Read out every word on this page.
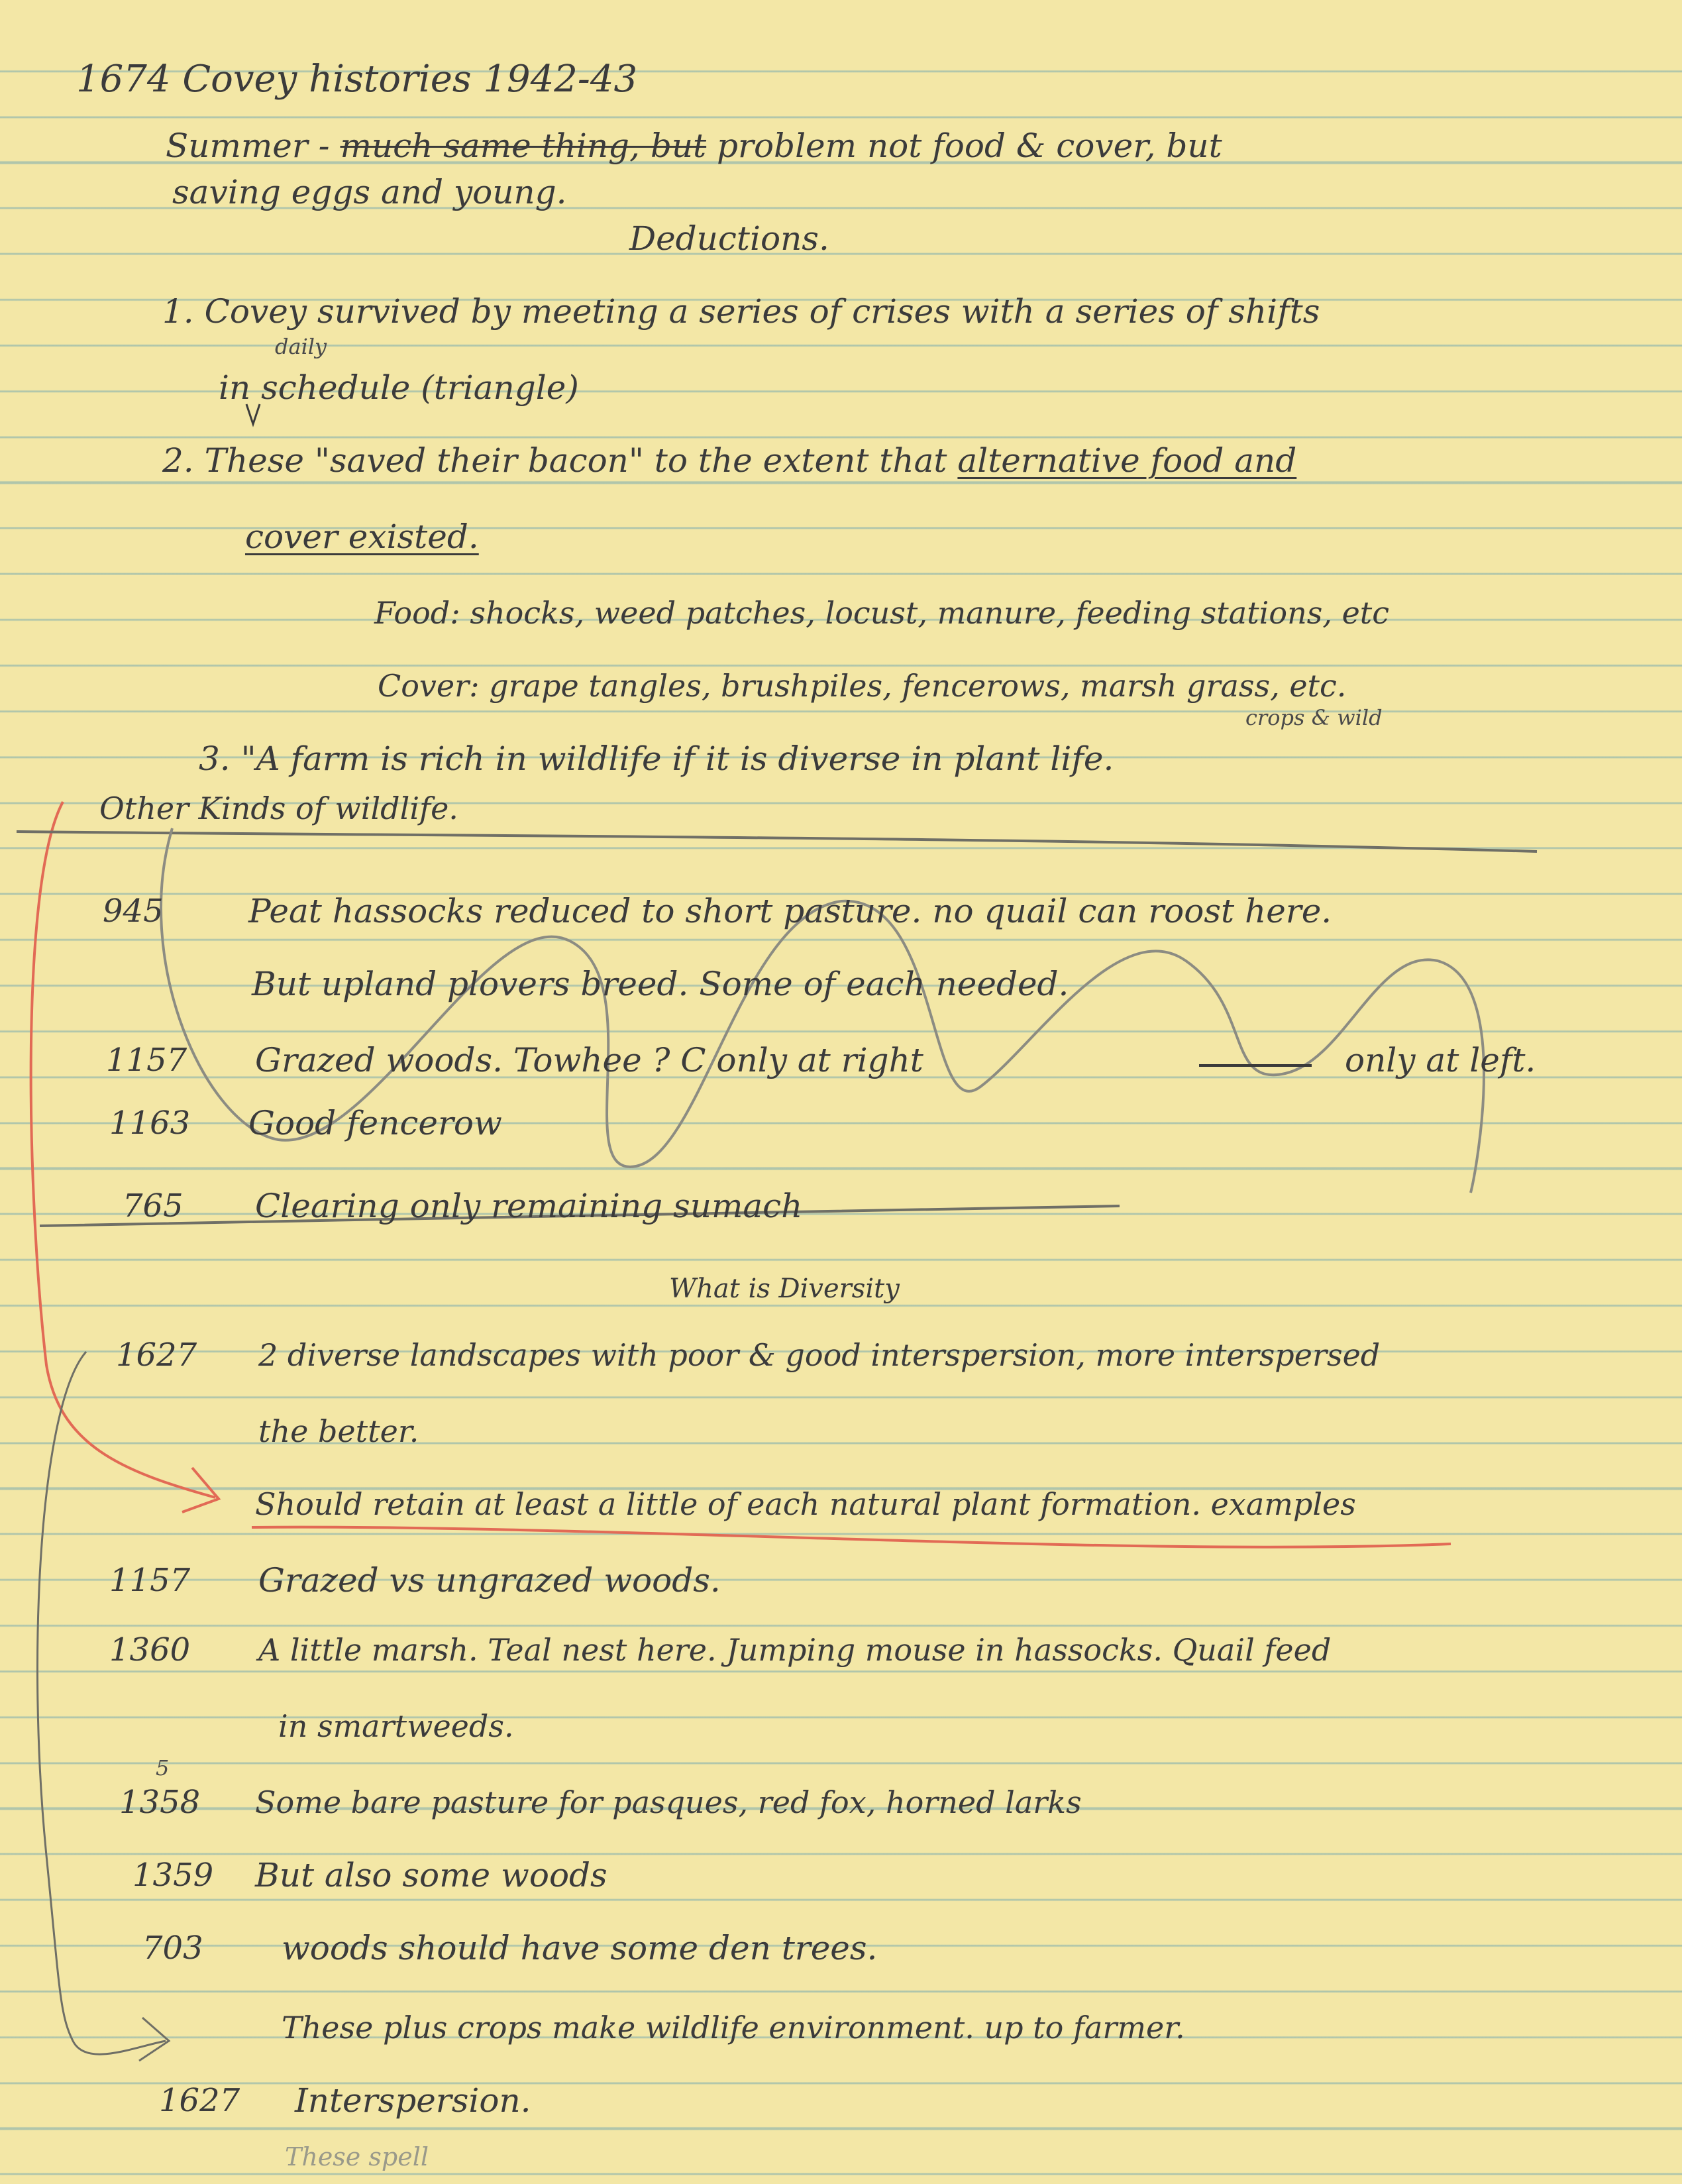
1674 Covey histories 1942-43
Summer - much same thing, but problem not food & cover, but
saving eggs and young.
Deductions.
1. Covey survived by meeting a series of crises with a series of shifts
daily
in schedule (triangle)
2. These "saved their bacon" to the extent that alternative food and
cover existed.
Food: shocks, weed patches, locust, manure, feeding stations, etc
Cover: grape tangles, brushpiles, fencerows, marsh grass, etc.
crops & wild
3. "A farm is rich in wildlife if it is diverse in plant life.
Other Kinds of wildlife.
945	Peat hassocks reduced to short pasture. no quail can roost here.
But upland plovers breed. Some of each needed.
1157 Grazed woods. Towhee ? C only at right	only at left.
1163 Good fencerow
765 Clearing only remaining sumach
What is Diversity
1627 2 diverse landscapes with poor & good interspersion, more interspersed
the better.
Should retain at least a little of each natural plant formation. examples
1157 Grazed vs ungrazed woods.
1360 A little marsh. Teal nest here. Jumping mouse in hassocks. Quail feed
in smartweeds.
5
1358 Some bare pasture for pasques, red fox, horned larks
1359 But also some woods
703 woods should have some den trees.
These plus crops make wildlife environment. up to farmer.
1627 Interspersion.
These spell
